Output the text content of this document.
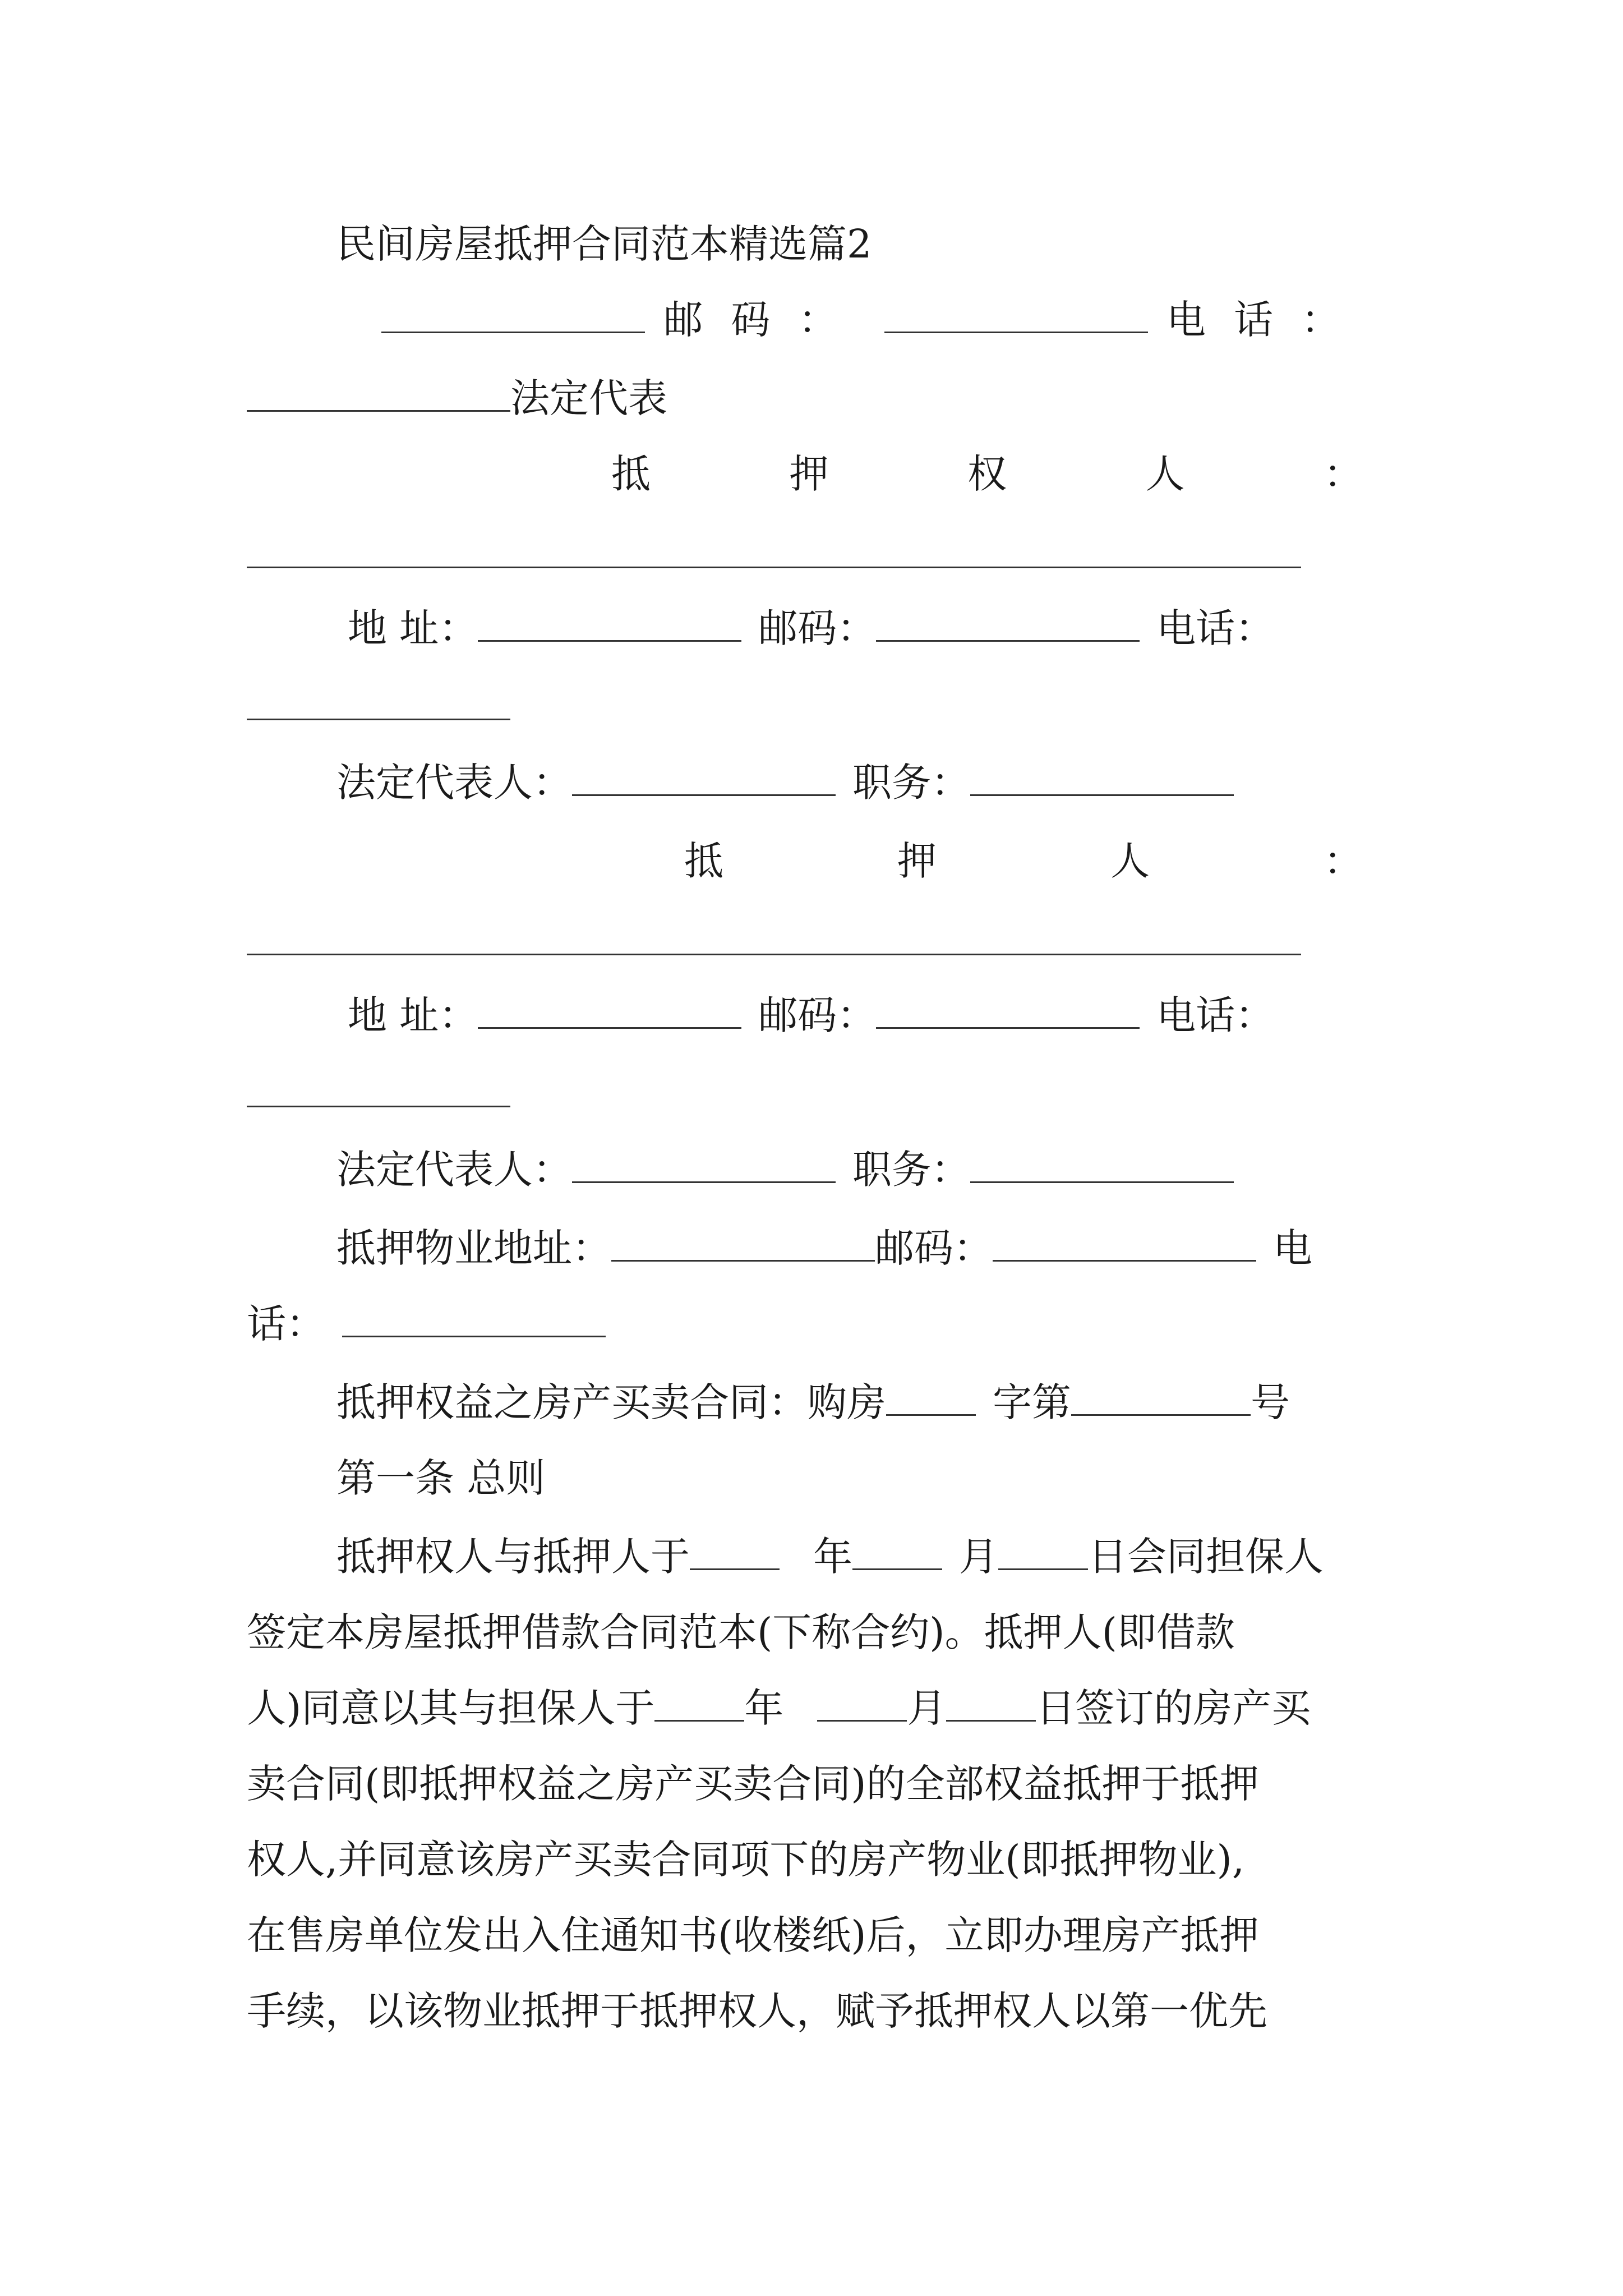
民间房屋抵押合同范本精选篇2
邮码：	电话：
法定代表
抵	押	权	人	：
地 址：	邮码：	电话：
法定代表人：	职务：
抵	押	人	：
地 址：	邮码：	电话：
法定代表人：	职务：
抵押物业地址：	邮码：	电
话：
抵押权益之房产买卖合同：购房	字第	号
第一条 总则
抵押权人与抵押人于	年	月 日会同担保人
签定本房屋抵押借款合同范本(下称合约)。抵押人(即借款
人)同意以其与担保人于 年	月 日签订的房产买
卖合同(即抵押权益之房产买卖合同)的全部权益抵押于抵押
权人,并同意该房产买卖合同项下的房产物业(即抵押物业),
在售房单位发出入住通知书(收楼纸)后，立即办理房产抵押
手续，以该物业抵押于抵押权人，赋予抵押权人以第一优先
